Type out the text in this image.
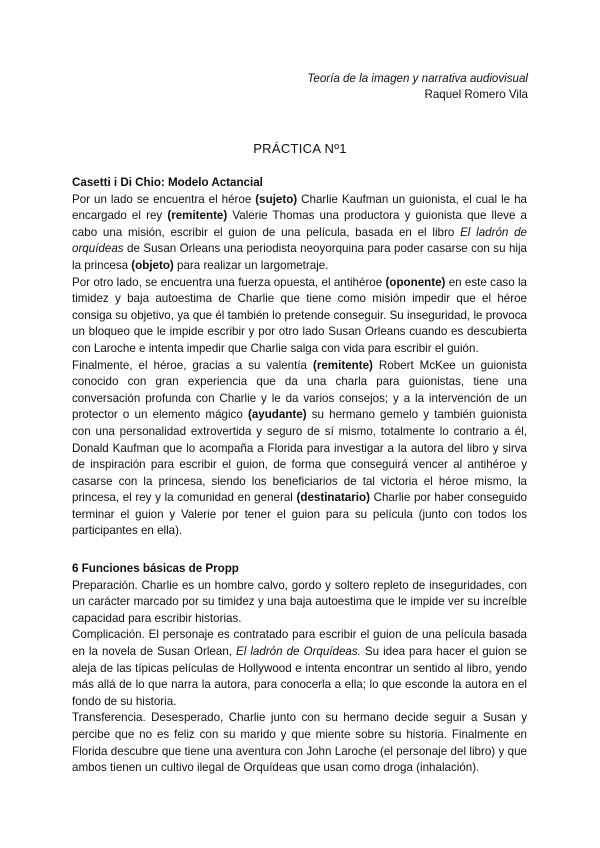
Teoría de la imagen y narrativa audiovisual
Raquel Romero Vila
PRÁCTICA Nº1

Casetti i Di Chio: Modelo Actancial

Por un lado se encuentra el héroe (sujeto) Charlie Kaufman un guionista, el cual le ha encargado el rey (remitente) Valerie Thomas una productora y guionista que lleve a cabo una misión, escribir el guion de una película, basada en el libro El ladrón de orquídeas de Susan Orleans una periodista neoyorquina para poder casarse con su hija la princesa (objeto) para realizar un largometraje.

Por otro lado, se encuentra una fuerza opuesta, el antihéroe (oponente) en este caso la timidez y baja autoestima de Charlie que tiene como misión impedir que el héroe consiga su objetivo, ya que él también lo pretende conseguir. Su inseguridad, le provoca un bloqueo que le impide escribir y por otro lado Susan Orleans cuando es descubierta con Laroche e intenta impedir que Charlie salga con vida para escribir el guión.

Finalmente, el héroe, gracias a su valentía (remitente) Robert McKee un guionista conocido con gran experiencia que da una charla para guionistas, tiene una conversación profunda con Charlie y le da varios consejos; y a la intervención de un protector o un elemento mágico (ayudante) su hermano gemelo y también guionista con una personalidad extrovertida y seguro de sí mismo, totalmente lo contrario a él, Donald Kaufman que lo acompaña a Florida para investigar a la autora del libro y sirva de inspiración para escribir el guion, de forma que conseguirá vencer al antihéroe y casarse con la princesa, siendo los beneficiarios de tal victoria el héroe mismo, la princesa, el rey y la comunidad en general (destinatario) Charlie por haber conseguido terminar el guion y Valerie por tener el guion para su película (junto con todos los participantes en ella).

6 Funciones básicas de Propp

Preparación. Charlie es un hombre calvo, gordo y soltero repleto de inseguridades, con un carácter marcado por su timidez y una baja autoestima que le impide ver su increíble capacidad para escribir historias.

Complicación. El personaje es contratado para escribir el guion de una película basada en la novela de Susan Orlean, El ladrón de Orquídeas. Su idea para hacer el guion se aleja de las típicas películas de Hollywood e intenta encontrar un sentido al libro, yendo más allá de lo que narra la autora, para conocerla a ella; lo que esconde la autora en el fondo de su historia.

Transferencia. Desesperado, Charlie junto con su hermano decide seguir a Susan y percibe que no es feliz con su marido y que miente sobre su historia. Finalmente en Florida descubre que tiene una aventura con John Laroche (el personaje del libro) y que ambos tienen un cultivo ilegal de Orquídeas que usan como droga (inhalación).
